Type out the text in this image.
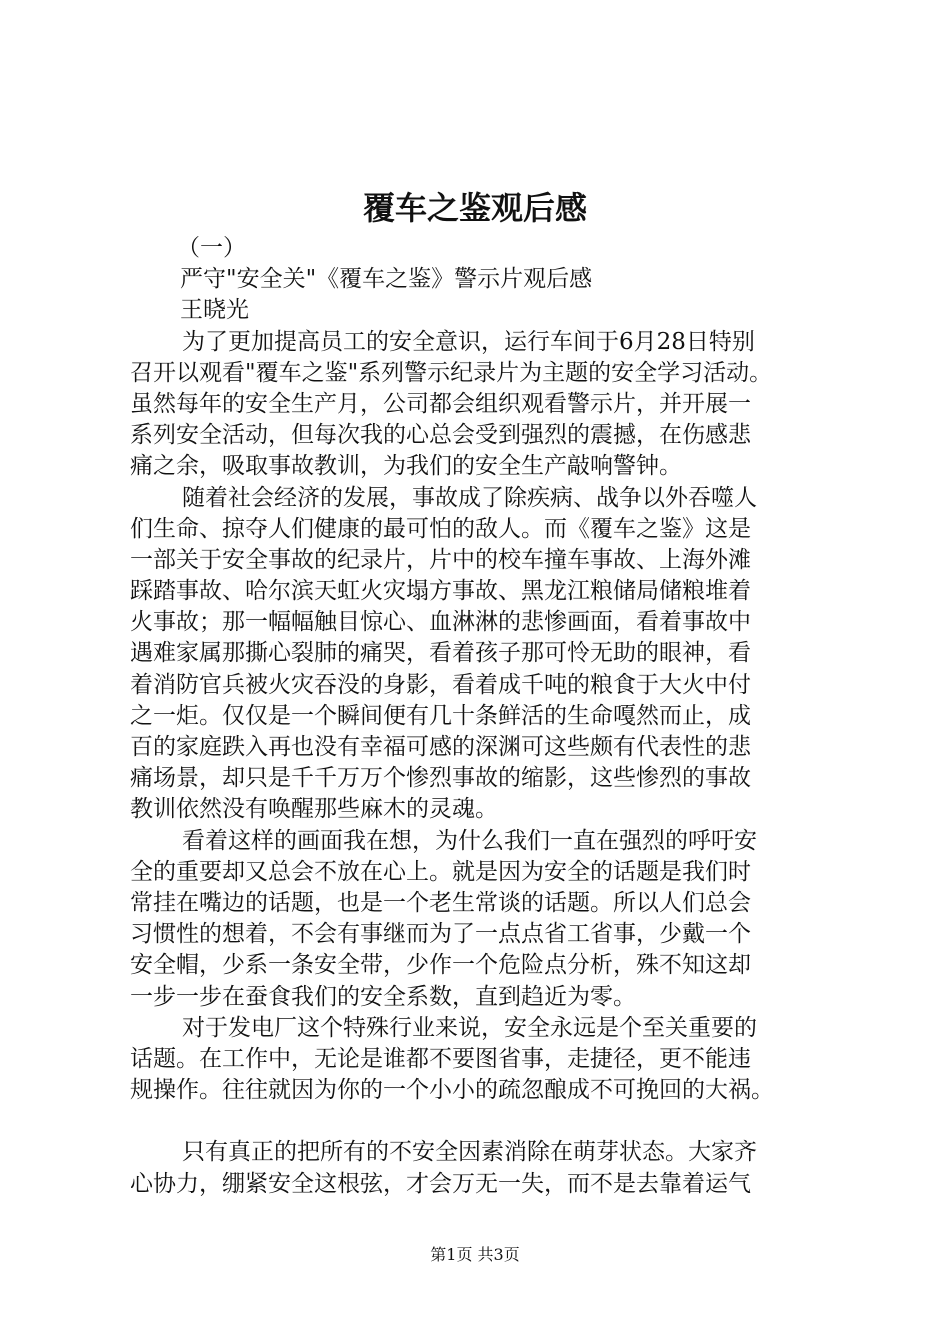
覆车之鉴观后感
（一）
严守"安全关"《覆车之鉴》警示片观后感
王晓光
为了更加提高员工的安全意识，运行车间于6月28日特别
召开以观看"覆车之鉴"系列警示纪录片为主题的安全学习活动。
虽然每年的安全生产月，公司都会组织观看警示片，并开展一
系列安全活动，但每次我的心总会受到强烈的震撼，在伤感悲
痛之余，吸取事故教训，为我们的安全生产敲响警钟。
随着社会经济的发展，事故成了除疾病、战争以外吞噬人
们生命、掠夺人们健康的最可怕的敌人。而《覆车之鉴》这是
一部关于安全事故的纪录片，片中的校车撞车事故、上海外滩
踩踏事故、哈尔滨天虹火灾塌方事故、黑龙江粮储局储粮堆着
火事故；那一幅幅触目惊心、血淋淋的悲惨画面，看着事故中
遇难家属那撕心裂肺的痛哭，看着孩子那可怜无助的眼神，看
着消防官兵被火灾吞没的身影，看着成千吨的粮食于大火中付
之一炬。仅仅是一个瞬间便有几十条鲜活的生命嘎然而止，成
百的家庭跌入再也没有幸福可感的深渊可这些颇有代表性的悲
痛场景，却只是千千万万个惨烈事故的缩影，这些惨烈的事故
教训依然没有唤醒那些麻木的灵魂。
看着这样的画面我在想，为什么我们一直在强烈的呼吁安
全的重要却又总会不放在心上。就是因为安全的话题是我们时
常挂在嘴边的话题，也是一个老生常谈的话题。所以人们总会
习惯性的想着，不会有事继而为了一点点省工省事，少戴一个
安全帽，少系一条安全带，少作一个危险点分析，殊不知这却
一步一步在蚕食我们的安全系数，直到趋近为零。
对于发电厂这个特殊行业来说，安全永远是个至关重要的
话题。在工作中，无论是谁都不要图省事，走捷径，更不能违
规操作。往往就因为你的一个小小的疏忽酿成不可挽回的大祸。
只有真正的把所有的不安全因素消除在萌芽状态。大家齐
心协力，绷紧安全这根弦，才会万无一失，而不是去靠着运气
第1页 共3页
